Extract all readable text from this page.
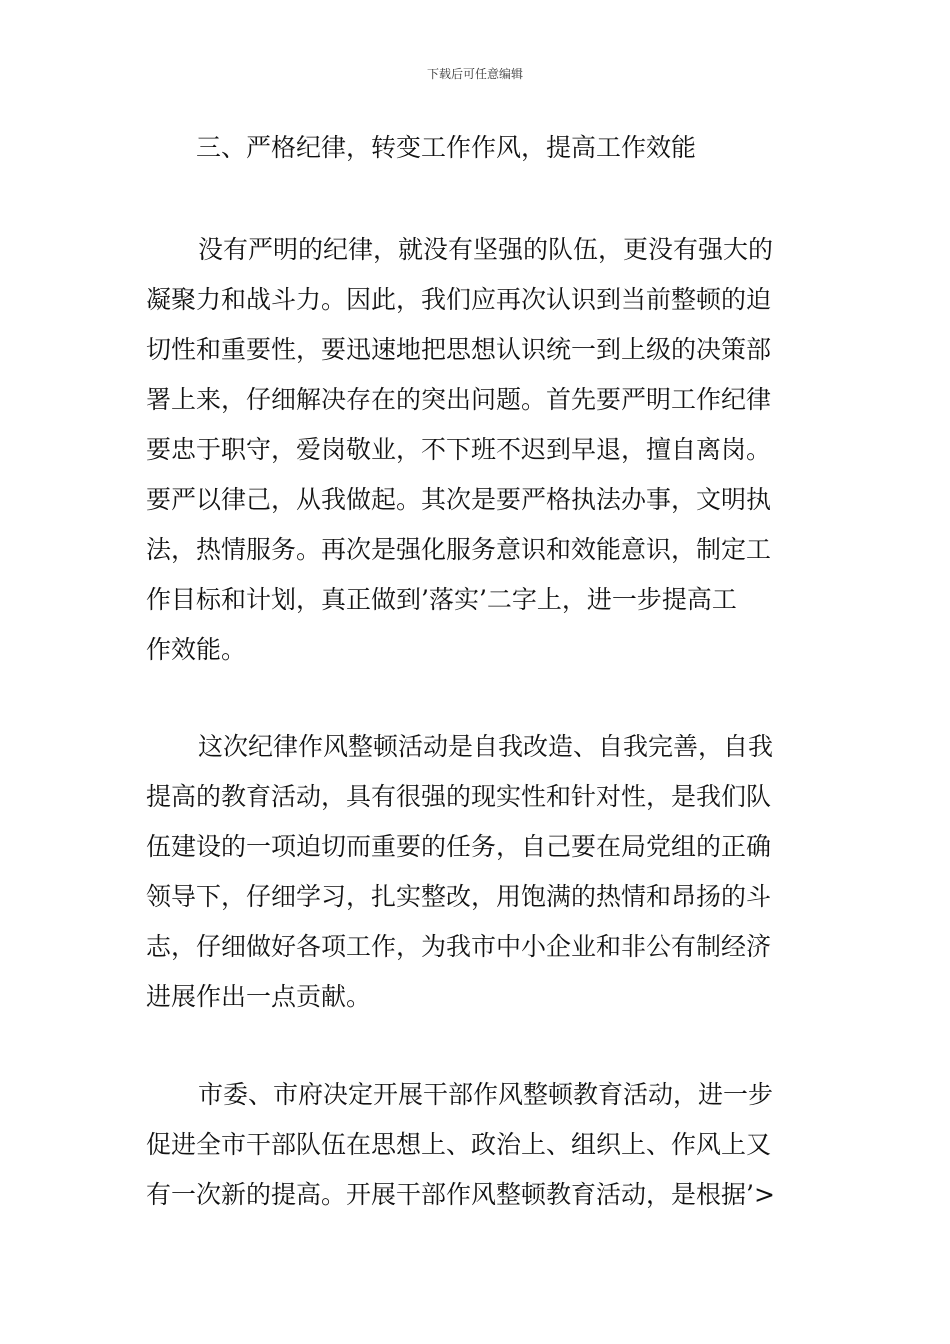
下载后可任意编辑
三、严格纪律，转变工作作风，提高工作效能
没有严明的纪律，就没有坚强的队伍，更没有强大的
凝聚力和战斗力。因此，我们应再次认识到当前整顿的迫
切性和重要性，要迅速地把思想认识统一到上级的决策部
署上来，仔细解决存在的突出问题。首先要严明工作纪律
要忠于职守，爱岗敬业，不下班不迟到早退，擅自离岗。
要严以律己，从我做起。其次是要严格执法办事，文明执
法，热情服务。再次是强化服务意识和效能意识，制定工
作目标和计划，真正做到’落实’二字上，进一步提高工
作效能。
这次纪律作风整顿活动是自我改造、自我完善，自我
提高的教育活动，具有很强的现实性和针对性，是我们队
伍建设的一项迫切而重要的任务，自己要在局党组的正确
领导下，仔细学习，扎实整改，用饱满的热情和昂扬的斗
志，仔细做好各项工作，为我市中小企业和非公有制经济
进展作出一点贡献。
市委、市府决定开展干部作风整顿教育活动，进一步
促进全市干部队伍在思想上、政治上、组织上、作风上又
有一次新的提高。开展干部作风整顿教育活动，是根据’>
